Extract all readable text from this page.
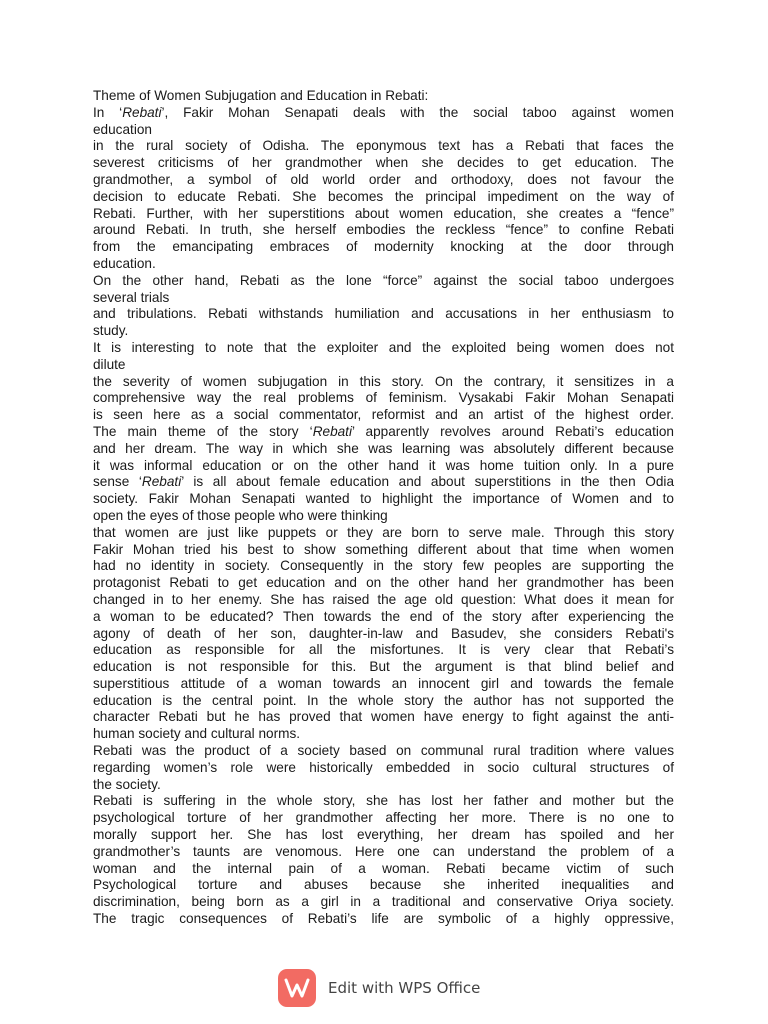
Theme of Women Subjugation and Education in Rebati:
In ‘Rebati’, Fakir Mohan Senapati deals with the social taboo against women
education
in the rural society of Odisha. The eponymous text has a Rebati that faces the
severest criticisms of her grandmother when she decides to get education. The
grandmother, a symbol of old world order and orthodoxy, does not favour the
decision to educate Rebati. She becomes the principal impediment on the way of
Rebati. Further, with her superstitions about women education, she creates a “fence”
around Rebati. In truth, she herself embodies the reckless “fence” to confine Rebati
from the emancipating embraces of modernity knocking at the door through
education.
On the other hand, Rebati as the lone “force” against the social taboo undergoes
several trials
and tribulations. Rebati withstands humiliation and accusations in her enthusiasm to
study.
It is interesting to note that the exploiter and the exploited being women does not
dilute
the severity of women subjugation in this story. On the contrary, it sensitizes in a
comprehensive way the real problems of feminism. Vysakabi Fakir Mohan Senapati
is seen here as a social commentator, reformist and an artist of the highest order.
The main theme of the story ‘Rebati’ apparently revolves around Rebati’s education
and her dream. The way in which she was learning was absolutely different because
it was informal education or on the other hand it was home tuition only. In a pure
sense ‘Rebati’ is all about female education and about superstitions in the then Odia
society. Fakir Mohan Senapati wanted to highlight the importance of Women and to
open the eyes of those people who were thinking
that women are just like puppets or they are born to serve male. Through this story
Fakir Mohan tried his best to show something different about that time when women
had no identity in society. Consequently in the story few peoples are supporting the
protagonist Rebati to get education and on the other hand her grandmother has been
changed in to her enemy. She has raised the age old question: What does it mean for
a woman to be educated? Then towards the end of the story after experiencing the
agony of death of her son, daughter-in-law and Basudev, she considers Rebati's
education as responsible for all the misfortunes. It is very clear that Rebati’s
education is not responsible for this. But the argument is that blind belief and
superstitious attitude of a woman towards an innocent girl and towards the female
education is the central point. In the whole story the author has not supported the
character Rebati but he has proved that women have energy to fight against the anti-
human society and cultural norms.
Rebati was the product of a society based on communal rural tradition where values
regarding women’s role were historically embedded in socio cultural structures of
the society.
Rebati is suffering in the whole story, she has lost her father and mother but the
psychological torture of her grandmother affecting her more. There is no one to
morally support her. She has lost everything, her dream has spoiled and her
grandmother’s taunts are venomous. Here one can understand the problem of a
woman and the internal pain of a woman. Rebati became victim of such
Psychological torture and abuses because she inherited inequalities and
discrimination, being born as a girl in a traditional and conservative Oriya society.
The tragic consequences of Rebati’s life are symbolic of a highly oppressive,
Edit with WPS Office
